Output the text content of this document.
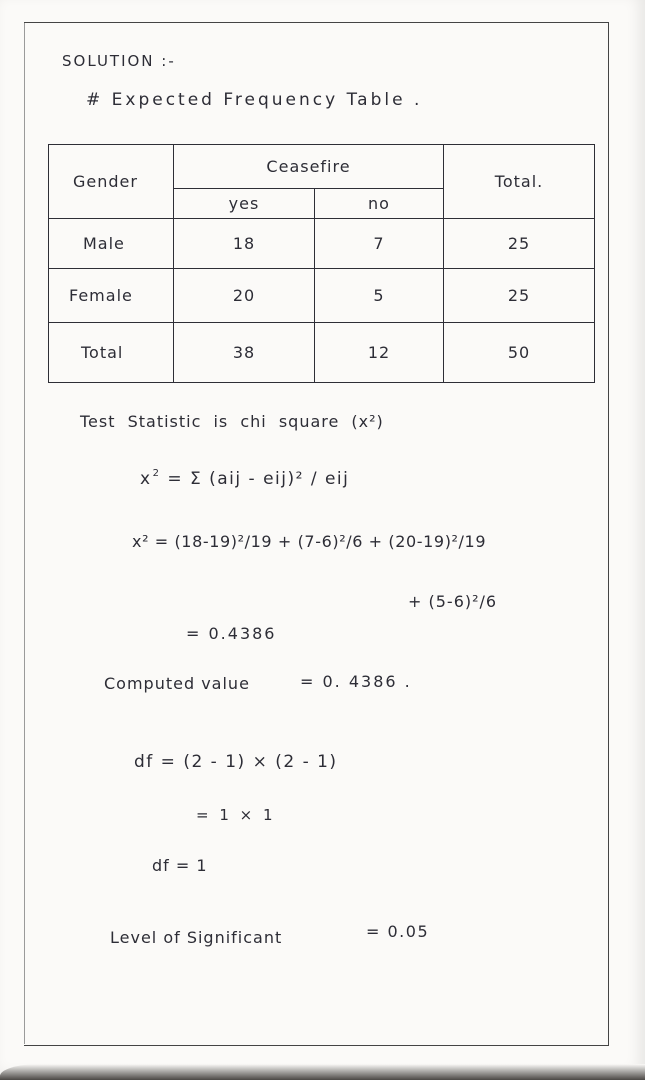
SOLUTION :-
# Expected Frequency Table .
Gender	Ceasefire		Total.
	yes	no	
Male	18	7	25
Female	20	5	25
Total	38	12	50
Test Statistic is chi square (x²)
$x^2 = \Sigma$ (aij - eij)² / eij
x² = (18-19)²/19 + (7-6)²/6 + (20-19)²/19
+ (5-6)²/6
= 0.4386
Computed value	= 0. 4386 .
df = (2 - 1) × (2 - 1)
= 1 × 1
df = 1
Level of Significant	= 0.05
